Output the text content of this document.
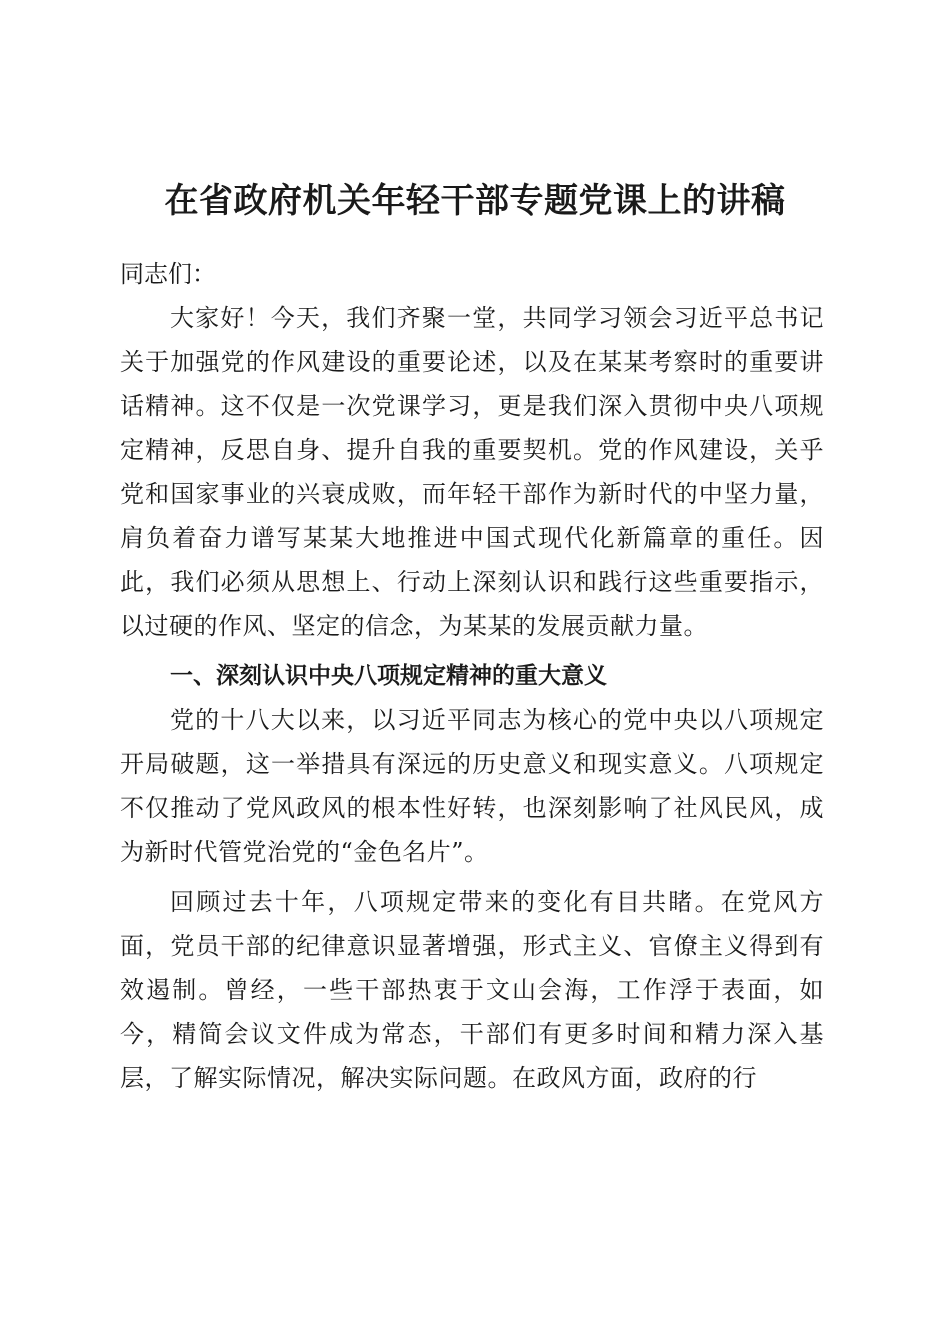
在省政府机关年轻干部专题党课上的讲稿

同志们：

大家好！今天，我们齐聚一堂，共同学习领会习近平总书记关于加强党的作风建设的重要论述，以及在某某考察时的重要讲话精神。这不仅是一次党课学习，更是我们深入贯彻中央八项规定精神，反思自身、提升自我的重要契机。党的作风建设，关乎党和国家事业的兴衰成败，而年轻干部作为新时代的中坚力量，肩负着奋力谱写某某大地推进中国式现代化新篇章的重任。因此，我们必须从思想上、行动上深刻认识和践行这些重要指示，以过硬的作风、坚定的信念，为某某的发展贡献力量。

一、深刻认识中央八项规定精神的重大意义

党的十八大以来，以习近平同志为核心的党中央以八项规定开局破题，这一举措具有深远的历史意义和现实意义。八项规定不仅推动了党风政风的根本性好转，也深刻影响了社风民风，成为新时代管党治党的“金色名片”。

回顾过去十年，八项规定带来的变化有目共睹。在党风方面，党员干部的纪律意识显著增强，形式主义、官僚主义得到有效遏制。曾经，一些干部热衷于文山会海，工作浮于表面，如今，精简会议文件成为常态，干部们有更多时间和精力深入基层，了解实际情况，解决实际问题。在政风方面，政府的行
